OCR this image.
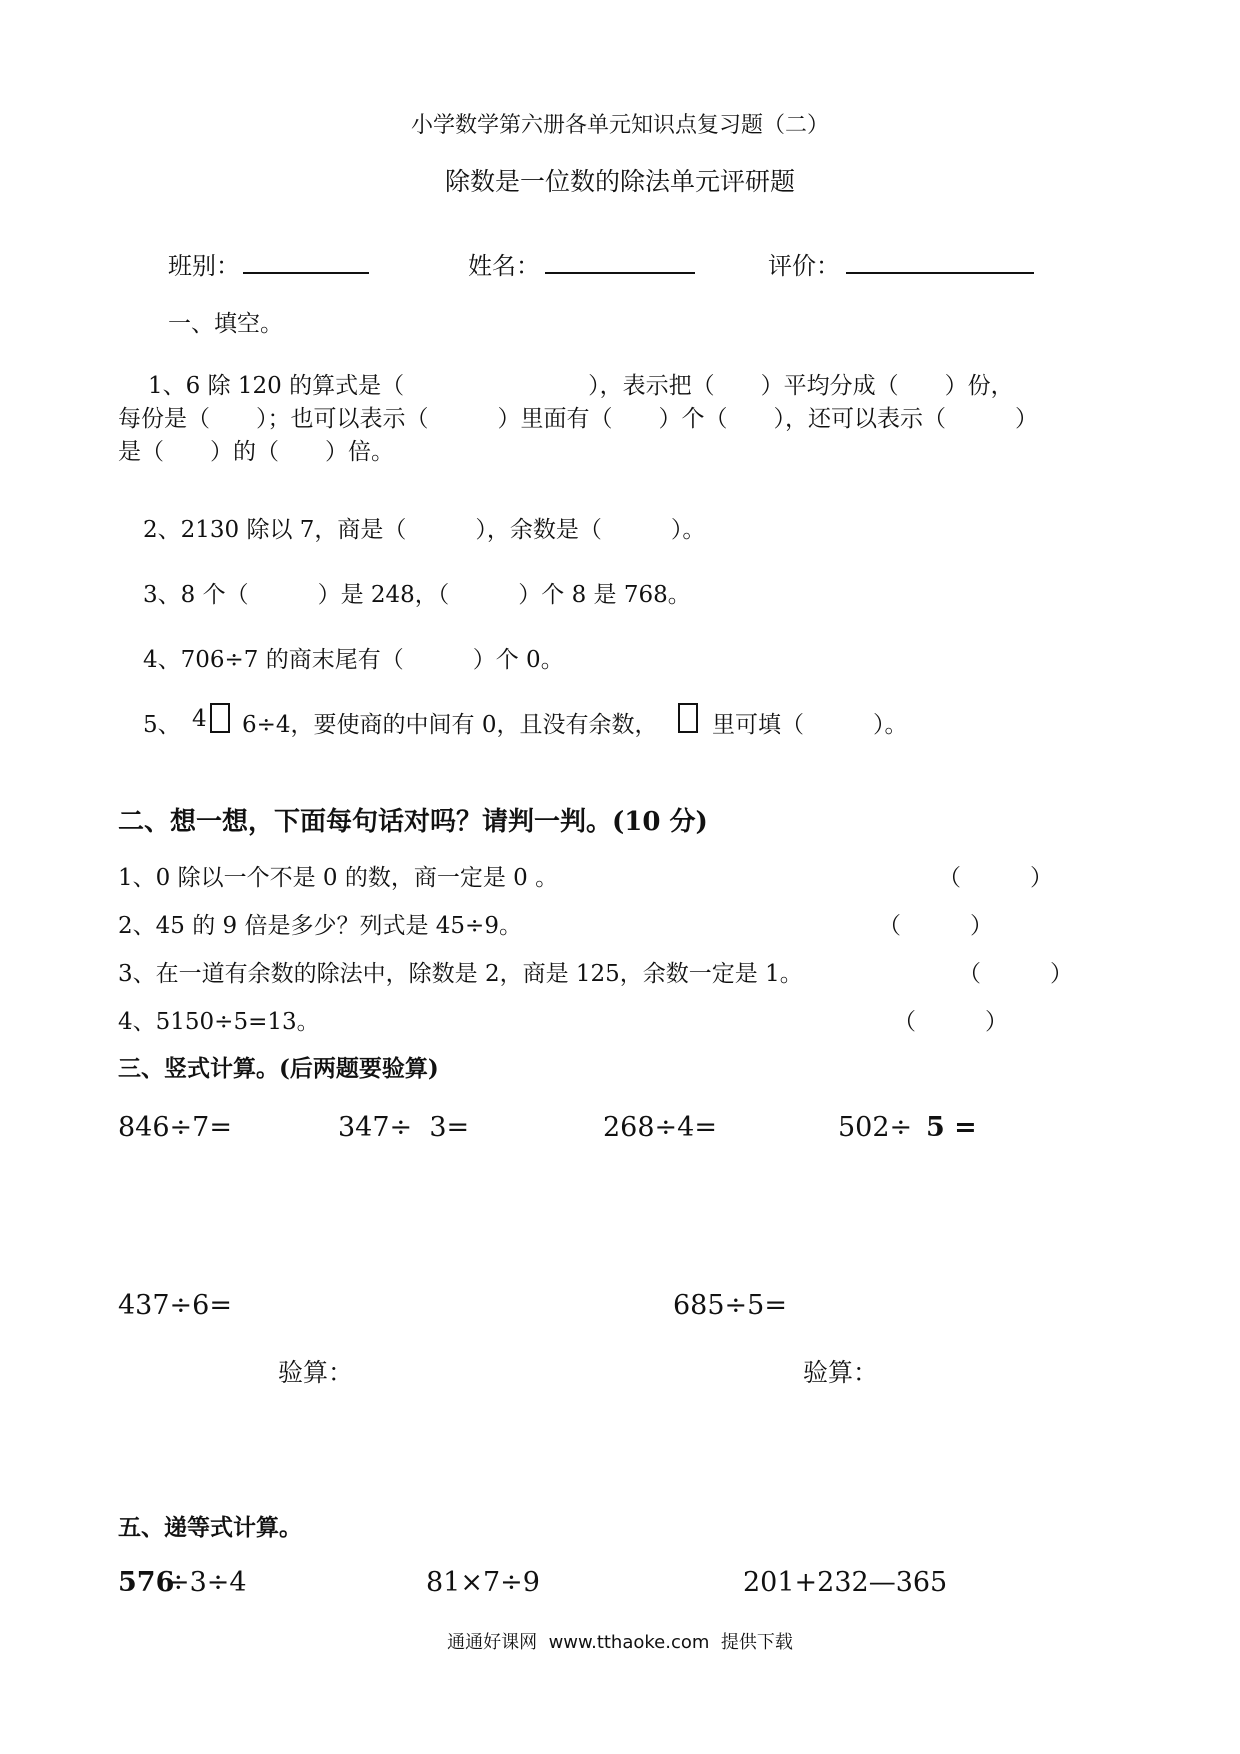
小学数学第六册各单元知识点复习题（二）
除数是一位数的除法单元评研题
班别：	姓名：	评价：
一、填空。
1、6 除 120 的算式是（　　　　　　　　），表示把（　　）平均分成（　　）份，
每份是（　　）；也可以表示（　　　）里面有（　　）个（　　），还可以表示（　　　）
是（　　）的（　　）倍。
2、2130 除以 7，商是（　　　），余数是（　　　）。
3、8 个（　　　）是 248，（　　　）个 8 是 768。
4、706÷7 的商末尾有（　　　）个 0。
5、 4 6÷4，要使商的中间有 0，且没有余数， 里可填（　　　）。
二、想一想，下面每句话对吗？请判一判。(10 分)
1、0 除以一个不是 0 的数，商一定是 0 。	（　　　）
2、45 的 9 倍是多少？列式是 45÷9。	（　　　）
3、在一道有余数的除法中，除数是 2，商是 125，余数一定是 1。	（　　　）
4、5150÷5=13。	（　　　）
三、竖式计算。(后两题要验算)
846÷7=	347÷  3=	268÷4=	502÷ 5 =
437÷6=	685÷5=
验算：	验算：
五、递等式计算。
576
÷3÷4	81×7÷9	201+232—365
通通好课网  www.tthaoke.com  提供下载
